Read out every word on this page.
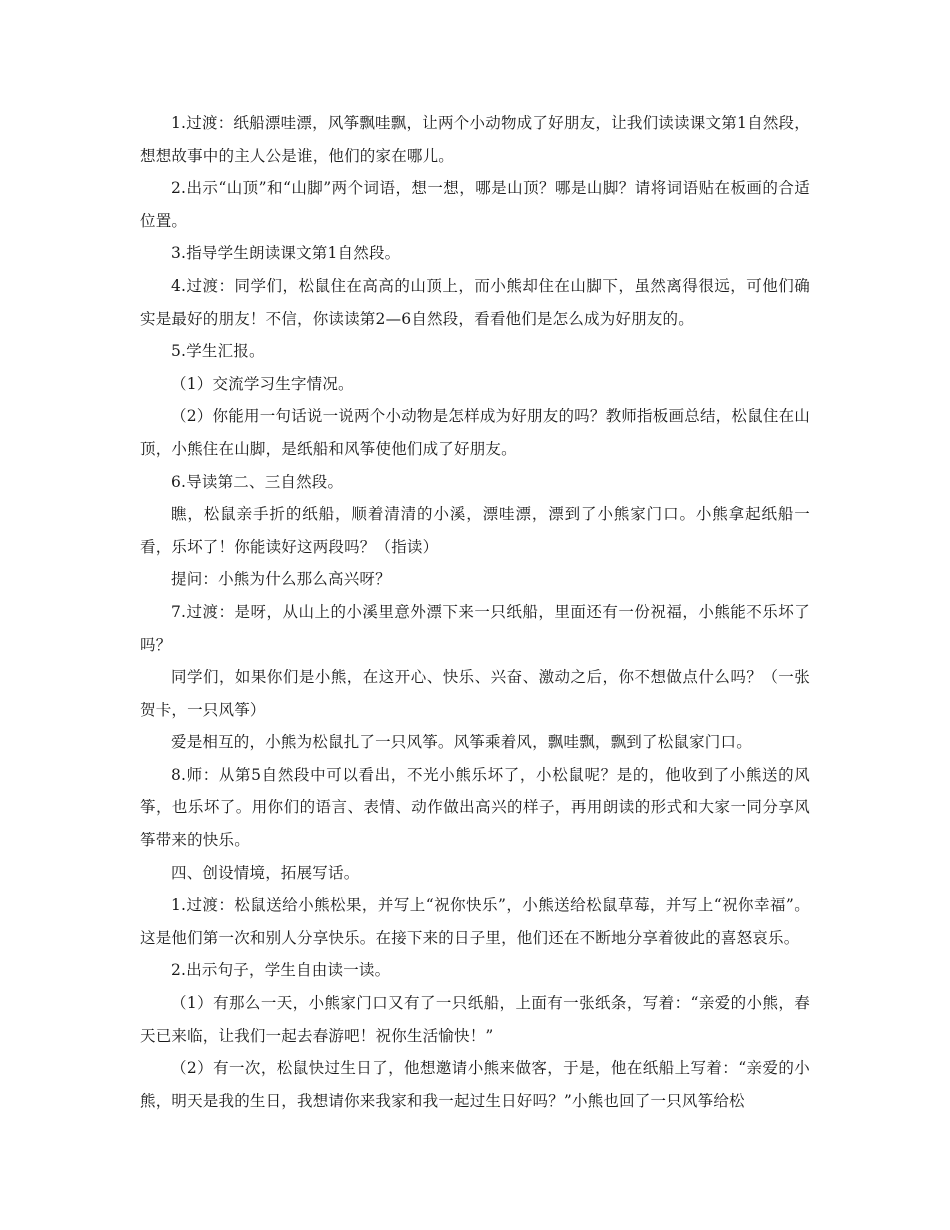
1.过渡：纸船漂哇漂，风筝飘哇飘，让两个小动物成了好朋友，让我们读读课文第1自然段，想想故事中的主人公是谁，他们的家在哪儿。

2.出示“山顶”和“山脚”两个词语，想一想，哪是山顶？哪是山脚？请将词语贴在板画的合适位置。

3.指导学生朗读课文第1自然段。

4.过渡：同学们，松鼠住在高高的山顶上，而小熊却住在山脚下，虽然离得很远，可他们确实是最好的朋友！不信，你读读第2—6自然段，看看他们是怎么成为好朋友的。

5.学生汇报。

（1）交流学习生字情况。

（2）你能用一句话说一说两个小动物是怎样成为好朋友的吗？教师指板画总结，松鼠住在山顶，小熊住在山脚，是纸船和风筝使他们成了好朋友。

6.导读第二、三自然段。

瞧，松鼠亲手折的纸船，顺着清清的小溪，漂哇漂，漂到了小熊家门口。小熊拿起纸船一看，乐坏了！你能读好这两段吗？（指读）

提问：小熊为什么那么高兴呀？

7.过渡：是呀，从山上的小溪里意外漂下来一只纸船，里面还有一份祝福，小熊能不乐坏了吗？

同学们，如果你们是小熊，在这开心、快乐、兴奋、激动之后，你不想做点什么吗？（一张贺卡，一只风筝）

爱是相互的，小熊为松鼠扎了一只风筝。风筝乘着风，飘哇飘，飘到了松鼠家门口。

8.师：从第5自然段中可以看出，不光小熊乐坏了，小松鼠呢？是的，他收到了小熊送的风筝，也乐坏了。用你们的语言、表情、动作做出高兴的样子，再用朗读的形式和大家一同分享风筝带来的快乐。

四、创设情境，拓展写话。

1.过渡：松鼠送给小熊松果，并写上“祝你快乐”，小熊送给松鼠草莓，并写上“祝你幸福”。这是他们第一次和别人分享快乐。在接下来的日子里，他们还在不断地分享着彼此的喜怒哀乐。

2.出示句子，学生自由读一读。

（1）有那么一天，小熊家门口又有了一只纸船，上面有一张纸条，写着：“亲爱的小熊，春天已来临，让我们一起去春游吧！祝你生活愉快！”

（2）有一次，松鼠快过生日了，他想邀请小熊来做客，于是，他在纸船上写着：“亲爱的小熊，明天是我的生日，我想请你来我家和我一起过生日好吗？”小熊也回了一只风筝给松
